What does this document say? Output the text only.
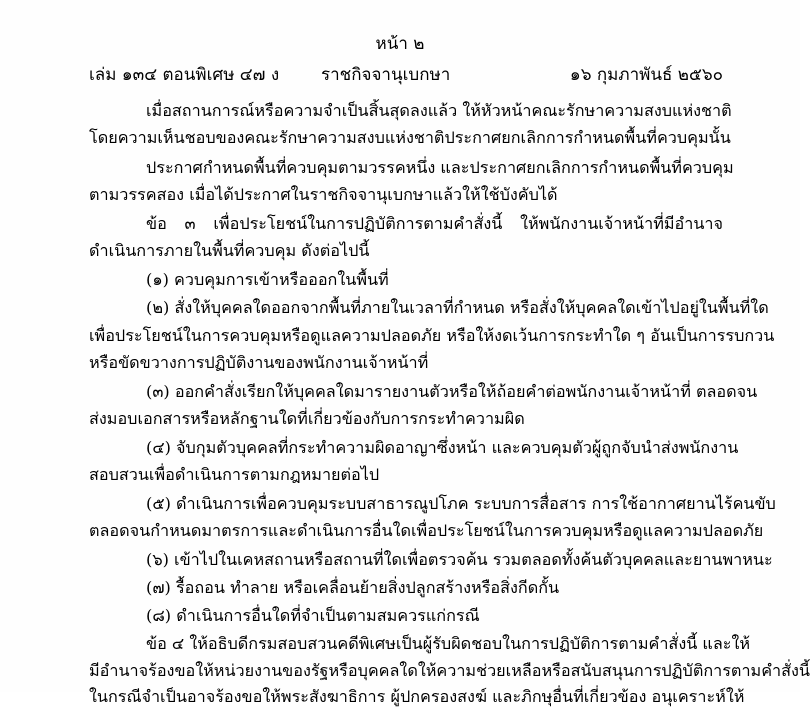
หน้า ๒
เล่ม ๑๓๔ ตอนพิเศษ ๔๗ ง ราชกิจจานุเบกษา	๑๖ กุมภาพันธ์ ๒๕๖๐
เมื่อสถานการณ์หรือความจำเป็นสิ้นสุดลงแล้ว ให้หัวหน้าคณะรักษาความสงบแห่งชาติ
โดยความเห็นชอบของคณะรักษาความสงบแห่งชาติประกาศยกเลิกการกำหนดพื้นที่ควบคุมนั้น
ประกาศกำหนดพื้นที่ควบคุมตามวรรคหนึ่ง และประกาศยกเลิกการกำหนดพื้นที่ควบคุม
ตามวรรคสอง เมื่อได้ประกาศในราชกิจจานุเบกษาแล้วให้ใช้บังคับได้
ข้อ ๓ เพื่อประโยชน์ในการปฏิบัติการตามคำสั่งนี้ ให้พนักงานเจ้าหน้าที่มีอำนาจ
ดำเนินการภายในพื้นที่ควบคุม ดังต่อไปนี้
(๑) ควบคุมการเข้าหรือออกในพื้นที่
(๒) สั่งให้บุคคลใดออกจากพื้นที่ภายในเวลาที่กำหนด หรือสั่งให้บุคคลใดเข้าไปอยู่ในพื้นที่ใด
เพื่อประโยชน์ในการควบคุมหรือดูแลความปลอดภัย หรือให้งดเว้นการกระทำใด ๆ อันเป็นการรบกวน
หรือขัดขวางการปฏิบัติงานของพนักงานเจ้าหน้าที่
(๓) ออกคำสั่งเรียกให้บุคคลใดมารายงานตัวหรือให้ถ้อยคำต่อพนักงานเจ้าหน้าที่ ตลอดจน
ส่งมอบเอกสารหรือหลักฐานใดที่เกี่ยวข้องกับการกระทำความผิด
(๔) จับกุมตัวบุคคลที่กระทำความผิดอาญาซึ่งหน้า และควบคุมตัวผู้ถูกจับนำส่งพนักงาน
สอบสวนเพื่อดำเนินการตามกฎหมายต่อไป
(๕) ดำเนินการเพื่อควบคุมระบบสาธารณูปโภค ระบบการสื่อสาร การใช้อากาศยานไร้คนขับ
ตลอดจนกำหนดมาตรการและดำเนินการอื่นใดเพื่อประโยชน์ในการควบคุมหรือดูแลความปลอดภัย
(๖) เข้าไปในเคหสถานหรือสถานที่ใดเพื่อตรวจค้น รวมตลอดทั้งค้นตัวบุคคลและยานพาหนะ
(๗) รื้อถอน ทำลาย หรือเคลื่อนย้ายสิ่งปลูกสร้างหรือสิ่งกีดกั้น
(๘) ดำเนินการอื่นใดที่จำเป็นตามสมควรแก่กรณี
ข้อ ๔ ให้อธิบดีกรมสอบสวนคดีพิเศษเป็นผู้รับผิดชอบในการปฏิบัติการตามคำสั่งนี้ และให้
มีอำนาจร้องขอให้หน่วยงานของรัฐหรือบุคคลใดให้ความช่วยเหลือหรือสนับสนุนการปฏิบัติการตามคำสั่งนี้
ในกรณีจำเป็นอาจร้องขอให้พระสังฆาธิการ ผู้ปกครองสงฆ์ และภิกษุอื่นที่เกี่ยวข้อง อนุเคราะห์ให้
